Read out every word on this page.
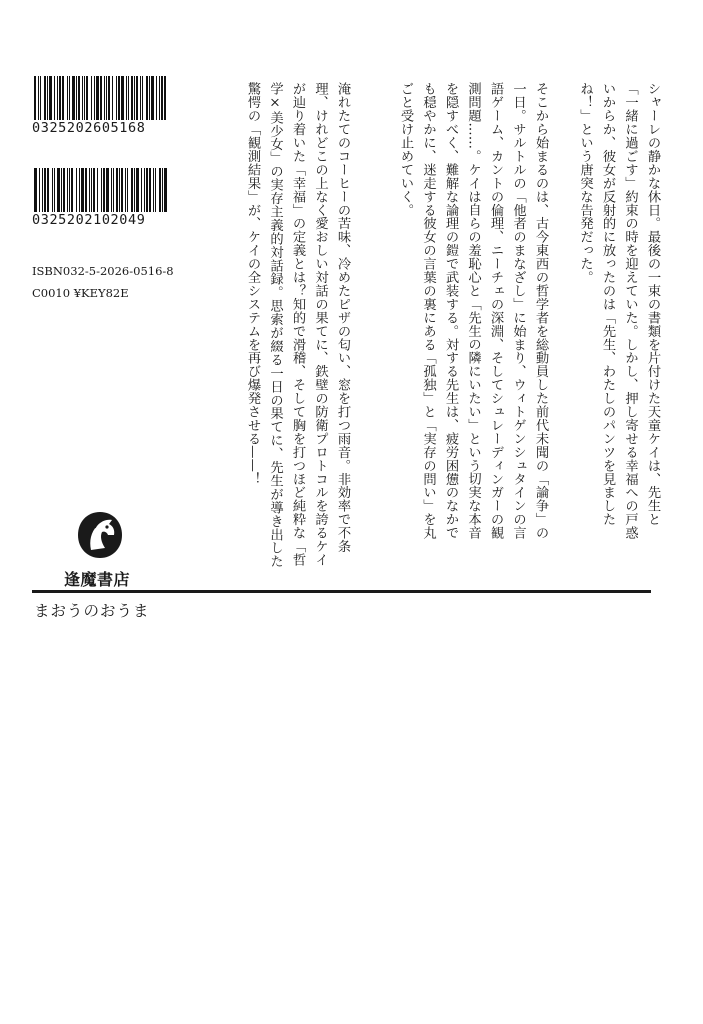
0325202605168
0325202102049
ISBN032-5-2026-0516-8
C0010 ¥KEY82E	シャーレの静かな休日。最後の一束の書類を片付けた天童ケイは、先生と「一緒に過ごす」約束の時を迎えていた。しかし、押し寄せる幸福への戸惑いからか、彼女が反射的に放ったのは「先生、わたしのパンツを見ましたね！」という唐突な告発だった。
そこから始まるのは、古今東西の哲学者を総動員した前代未聞の「論争」の一日。サルトルの「他者のまなざし」に始まり、ウィトゲンシュタインの言語ゲーム、カントの倫理、ニーチェの深淵、そしてシュレーディンガーの観測問題……。ケイは自らの羞恥心と「先生の隣にいたい」という切実な本音を隠すべく、難解な論理の鎧で武装する。対する先生は、疲労困憊のなかでも穏やかに、迷走する彼女の言葉の裏にある「孤独」と「実存の問い」を丸ごと受け止めていく。
淹れたてのコーヒーの苦味、冷めたピザの匂い、窓を打つ雨音。非効率で不条理、けれどこの上なく愛おしい対話の果てに、鉄壁の防衛プロトコルを誇るケイが辿り着いた「幸福」の定義とは？知的で滑稽、そして胸を打つほど純粋な「哲学×美少女」の実存主義的対話録。思索が綴る一日の果てに、先生が導き出した驚愕の「観測結果」が、ケイの全システムを再び爆発させる——！
逢魔書店
まおうのおうま
